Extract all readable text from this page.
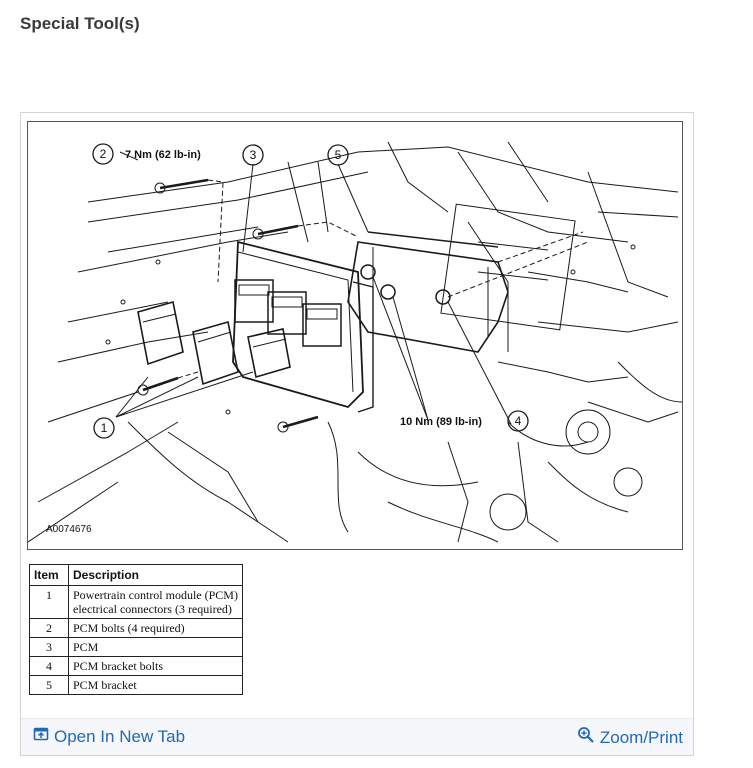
Special Tool(s)
1
2	3	5
4
7 Nm (62 lb-in)
10 Nm (89 lb-in)
A0074676
Item	Description
1	Powertrain control module (PCM) electrical connectors (3 required)
2	PCM bolts (4 required)
3	PCM
4	PCM bracket bolts
5	PCM bracket
Open In New Tab	Zoom/Print
